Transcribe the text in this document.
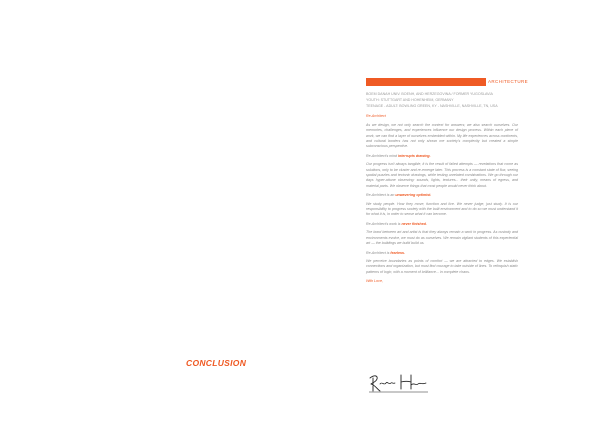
CONCLUSION
ARCHITECTURE

BOEM DANAH UNIV. BOENH, AND HERZEGOVINA / FORMER YUGOSLAVIA

YOUTH: STUTTGART AND HOHENHEIM, GERMANY

TEENAGE - ADULT: BOWLING GREEN, KY - NASHVILLE, NASHVILLE, TN, USA

Re-Architect

As we design, we not only search the context for answers; we also search ourselves. Our memories, challenges, and experiences influence our design process. Within each piece of work, we can find a layer of ourselves embedded within. My life experiences across continents, and cultural borders has not only shown me society's complexity but created a simple subconscious perspective.

Re-Architect's mind interrupts drawing.

Our progress isn't always tangible, it is the result of failed attempts — revelations that come as solutions, only to be cluster and re-emerge later. This process is a constant state of flux, seeing spatial puzzles and tectonic drawings, while testing unrelated combinations. We go through our days hyper-attune observing: sounds, lights, textures... their unity, means of egress, and material parts. We observe things that most people would never think about.

Re-Architect is an unwavering optimist.

We study people. How they move, function and live. We never judge, just study. It is our responsibility to progress society with the built environment and to do so we must understand it for what it is, in order to sense what it can become.

Re-Architect's work is never finished.

The bond between art and artist is that they always remain a work in progress. As custody and environments evolve, we must do as ourselves. We remain vigilant students of this experiential art — the buildings we build build us.

Re-Architect is fearless.

We perceive boundaries as points of comfort — we are attracted to edges. We establish connections and organization, but must find courage to take outside of lines. To relinquish static patterns of logic, with a moment of brilliance... in complete chaos.

With Love,
